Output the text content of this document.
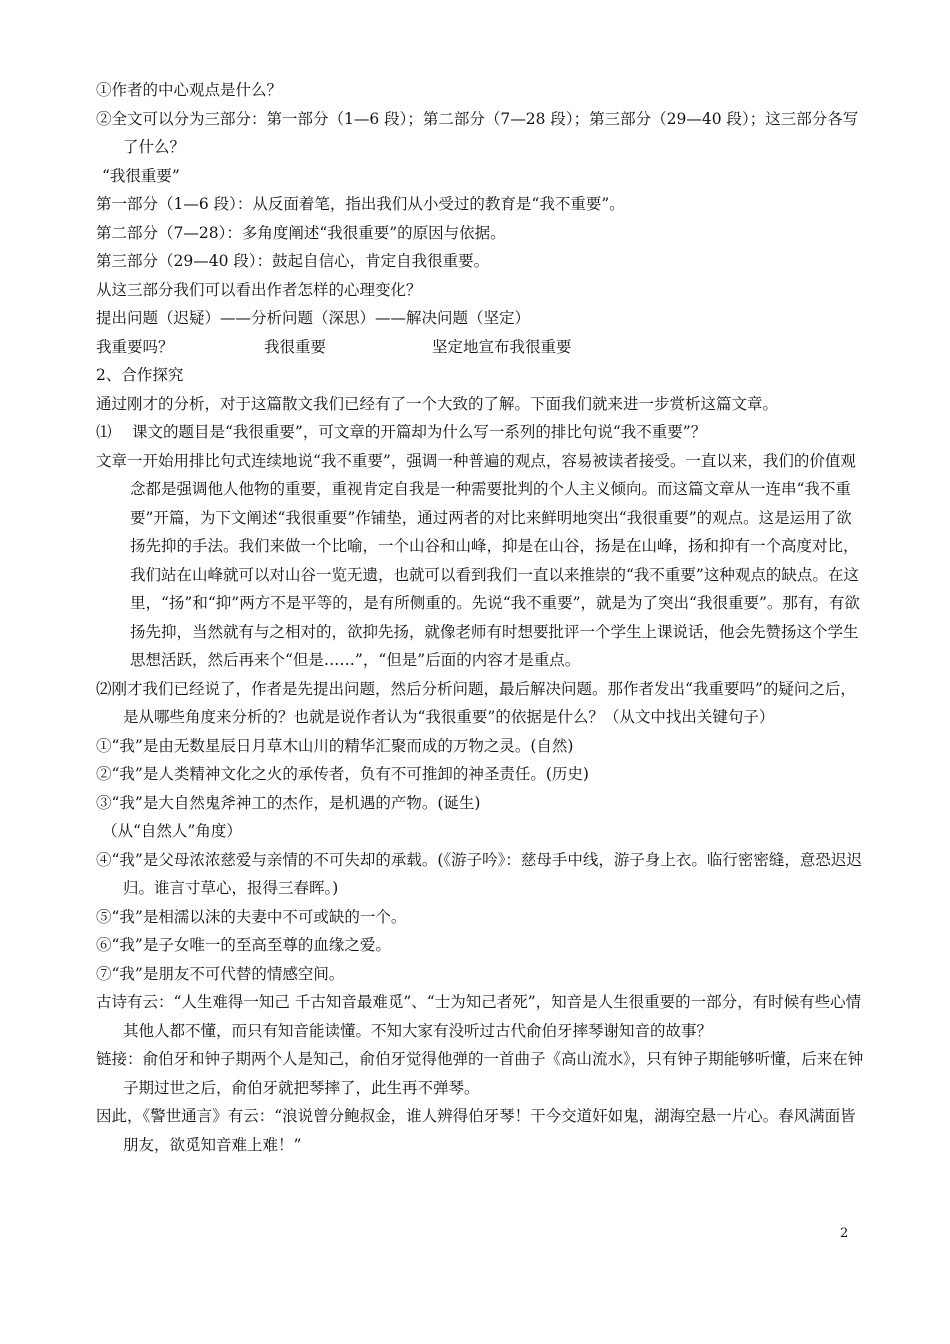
①作者的中心观点是什么？

②全文可以分为三部分：第一部分（1—6 段）；第二部分（7—28 段）；第三部分（29—40 段）；这三部分各写了什么？

“我很重要”

第一部分（1—6 段）：从反面着笔，指出我们从小受过的教育是“我不重要”。

第二部分（7—28）：多角度阐述“我很重要”的原因与依据。

第三部分（29—40 段）：鼓起自信心，肯定自我很重要。

从这三部分我们可以看出作者怎样的心理变化？

提出问题（迟疑）——分析问题（深思）——解决问题（坚定）

我重要吗？	我很重要	坚定地宣布我很重要

2、合作探究

通过刚才的分析，对于这篇散文我们已经有了一个大致的了解。下面我们就来进一步赏析这篇文章。

⑴	课文的题目是“我很重要”，可文章的开篇却为什么写一系列的排比句说“我不重要”？

文章一开始用排比句式连续地说“我不重要”，强调一种普遍的观点，容易被读者接受。一直以来，我们的价值观念都是强调他人他物的重要，重视肯定自我是一种需要批判的个人主义倾向。而这篇文章从一连串“我不重要”开篇，为下文阐述“我很重要”作铺垫，通过两者的对比来鲜明地突出“我很重要”的观点。这是运用了欲扬先抑的手法。我们来做一个比喻，一个山谷和山峰，抑是在山谷，扬是在山峰，扬和抑有一个高度对比，我们站在山峰就可以对山谷一览无遗，也就可以看到我们一直以来推崇的“我不重要”这种观点的缺点。在这里，“扬”和“抑”两方不是平等的，是有所侧重的。先说“我不重要”，就是为了突出“我很重要”。那有，有欲扬先抑，当然就有与之相对的，欲抑先扬，就像老师有时想要批评一个学生上课说话，他会先赞扬这个学生思想活跃，然后再来个“但是……”，“但是”后面的内容才是重点。

⑵刚才我们已经说了，作者是先提出问题，然后分析问题，最后解决问题。那作者发出“我重要吗”的疑问之后，是从哪些角度来分析的？也就是说作者认为“我很重要”的依据是什么？（从文中找出关键句子）

①“我”是由无数星辰日月草木山川的精华汇聚而成的万物之灵。(自然)

②“我”是人类精神文化之火的承传者，负有不可推卸的神圣责任。(历史)

③“我”是大自然鬼斧神工的杰作，是机遇的产物。(诞生)

（从“自然人”角度）

④“我”是父母浓浓慈爱与亲情的不可失却的承载。(《游子吟》：慈母手中线，游子身上衣。临行密密缝，意恐迟迟归。谁言寸草心，报得三春晖。)

⑤“我”是相濡以沫的夫妻中不可或缺的一个。

⑥“我”是子女唯一的至高至尊的血缘之爱。

⑦“我”是朋友不可代替的情感空间。

古诗有云：“人生难得一知己 千古知音最难觅”、“士为知己者死”，知音是人生很重要的一部分，有时候有些心情其他人都不懂，而只有知音能读懂。不知大家有没听过古代俞伯牙摔琴谢知音的故事？

链接：俞伯牙和钟子期两个人是知己，俞伯牙觉得他弹的一首曲子《高山流水》，只有钟子期能够听懂，后来在钟子期过世之后，俞伯牙就把琴摔了，此生再不弹琴。

因此，《警世通言》有云：“浪说曾分鲍叔金，谁人辨得伯牙琴！干今交道奸如鬼，湖海空悬一片心。春风满面皆朋友，欲觅知音难上难！”

2
